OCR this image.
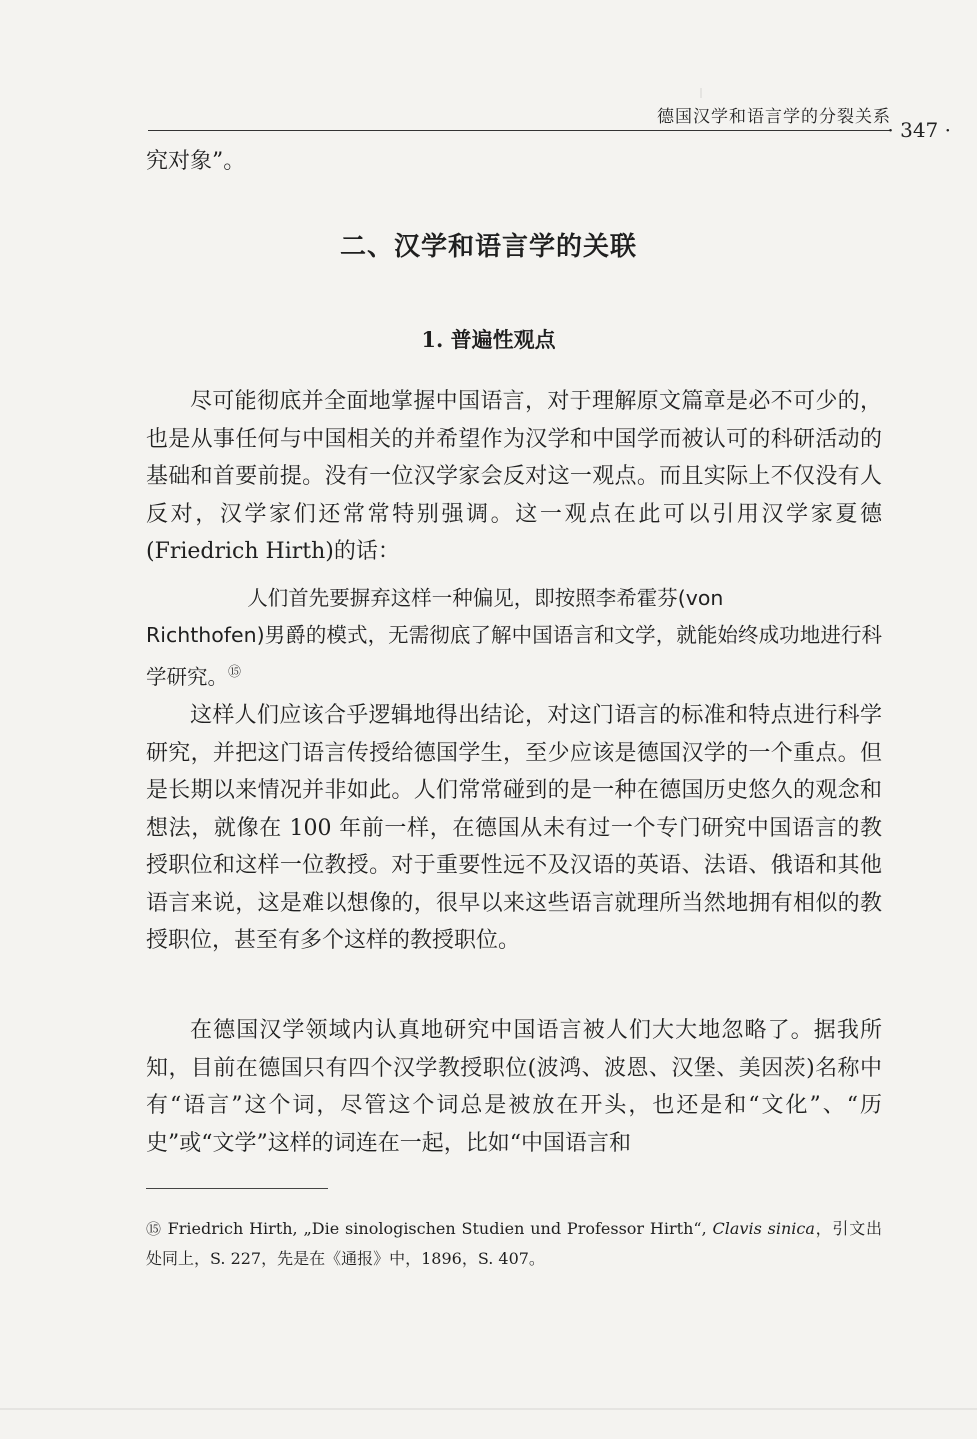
德国汉学和语言学的分裂关系
· 347 ·

究对象”。

二、汉学和语言学的关联
1. 普遍性观点

尽可能彻底并全面地掌握中国语言，对于理解原文篇章是必不可少的，也是从事任何与中国相关的并希望作为汉学和中国学而被认可的科研活动的基础和首要前提。没有一位汉学家会反对这一观点。而且实际上不仅没有人反对，汉学家们还常常特别强调。这一观点在此可以引用汉学家夏德(Friedrich Hirth)的话：

人们首先要摒弃这样一种偏见，即按照李希霍芬(von
Richthofen)男爵的模式，无需彻底了解中国语言和文学，就能始终成功地进行科学研究。⑮

这样人们应该合乎逻辑地得出结论，对这门语言的标准和特点进行科学研究，并把这门语言传授给德国学生，至少应该是德国汉学的一个重点。但是长期以来情况并非如此。人们常常碰到的是一种在德国历史悠久的观念和想法，就像在 100 年前一样，在德国从未有过一个专门研究中国语言的教授职位和这样一位教授。对于重要性远不及汉语的英语、法语、俄语和其他语言来说，这是难以想像的，很早以来这些语言就理所当然地拥有相似的教授职位，甚至有多个这样的教授职位。

在德国汉学领域内认真地研究中国语言被人们大大地忽略了。据我所知，目前在德国只有四个汉学教授职位(波鸿、波恩、汉堡、美因茨)名称中有“语言”这个词，尽管这个词总是被放在开头，也还是和“文化”、“历史”或“文学”这样的词连在一起，比如“中国语言和

⑮ Friedrich Hirth, „Die sinologischen Studien und Professor Hirth“, Clavis sinica，引文出处同上，S. 227，先是在《通报》中，1896，S. 407。
